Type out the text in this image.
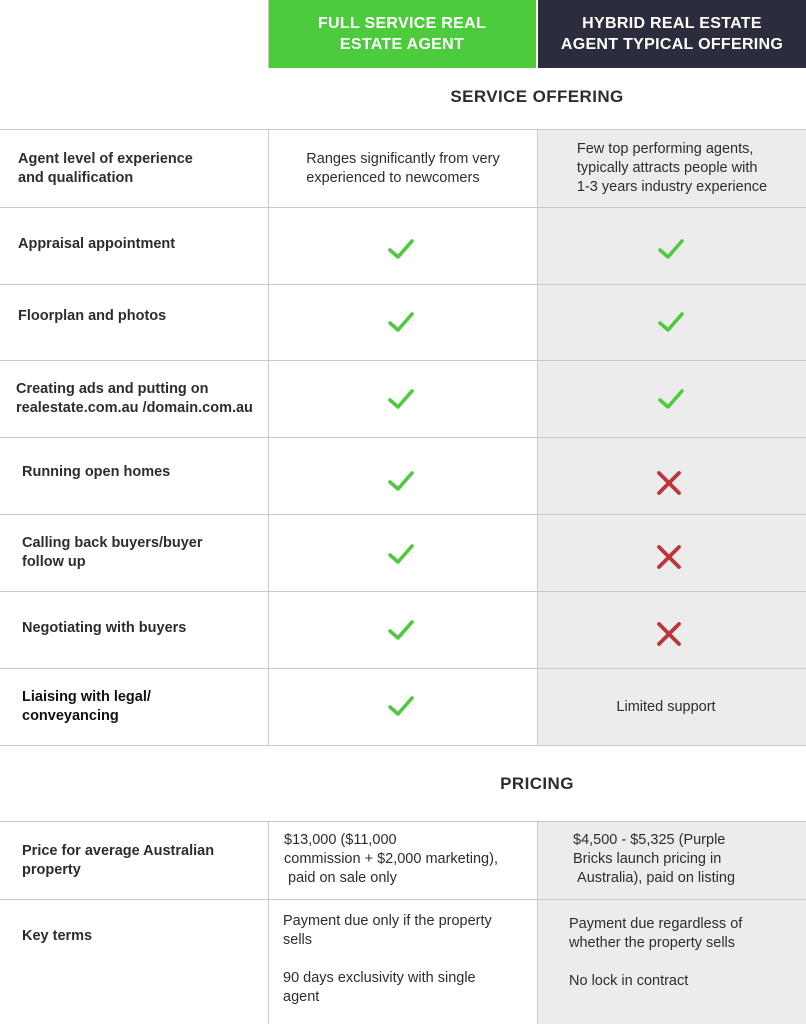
FULL SERVICE REAL
ESTATE AGENT
HYBRID REAL ESTATE
AGENT TYPICAL OFFERING
SERVICE OFFERING
PRICING
Agent level of experience
and qualification
Ranges significantly from very
experienced to newcomers
Few top performing agents,
typically attracts people with
1-3 years industry experience
Appraisal appointment
Floorplan and photos
Creating ads and putting on
realestate.com.au /domain.com.au
Running open homes
Calling back buyers/buyer
follow up
Negotiating with buyers
Liaising with legal/
conveyancing
Limited support
Price for average Australian
property
$13,000 ($11,000
commission + $2,000 marketing),
paid on sale only
$4,500 - $5,325 (Purple
Bricks launch pricing in
Australia), paid on listing
Key terms
Payment due only if the property
sells

90 days exclusivity with single
agent
Payment due regardless of
whether the property sells

No lock in contract
